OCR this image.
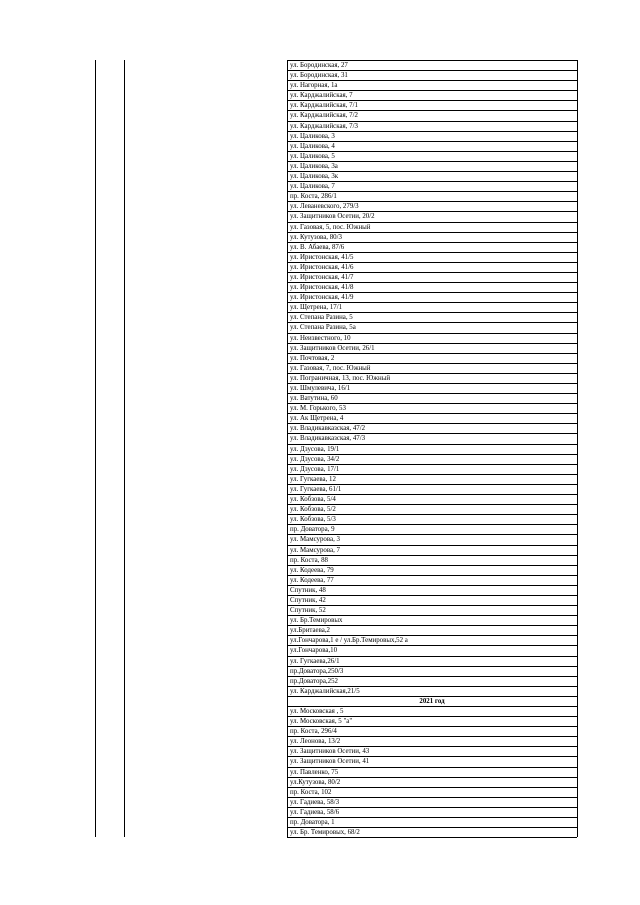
ул. Бородинская, 27
ул. Бородинская, 31
ул. Нагорная, 1а
ул. Карджалийская, 7
ул. Карджалийская, 7/1
ул. Карджалийская, 7/2
ул. Карджалийская, 7/3
ул. Цаликова, 3
ул. Цаликова, 4
ул. Цаликова, 5
ул. Цаликова, 3а
ул. Цаликова, 3к
ул. Цаликова, 7
пр. Коста, 286/1
ул. Леваневского, 279/3
ул. Защитников Осетии, 20/2
ул. Газовая, 5, пос. Южный
ул. Кутузова, 80/3
ул. В. Абаева, 87/6
ул. Иристонская, 41/5
ул. Иристонская, 41/6
ул. Иристонская, 41/7
ул. Иристонская, 41/8
ул. Иристонская, 41/9
ул. Щетрена, 17/1
ул. Степана Разина, 5
ул. Степана Разина, 5а
ул. Неизвестного, 10
ул. Защитников Осетии, 26/1
ул. Почтовая, 2
ул. Газовая, 7, пос. Южный
ул. Пограничная, 13, пос. Южный
ул. Шмулевича, 16/1
ул. Ватутина, 60
ул. М. Горького, 53
ул. Ак Щетрена, 4
ул. Владикавказская, 47/2
ул. Владикавказская, 47/3
ул. Дзусова, 19/1
ул. Дзусова, 34/2
ул. Дзусова, 17/1
ул. Гугкаева, 12
ул. Гугкаева, 61/1
ул. Кобзова, 5/4
ул. Кобзова, 5/2
ул. Кобзова, 5/3
пр. Доватора, 9
ул. Мамсурова, 3
ул. Мамсурова, 7
пр. Коста, 88
ул. Кодеева, 79
ул. Кодеева, 77
Спутник, 48
Спутник, 42
Спутник, 52
ул. Бр.Темировых
ул.Бритаева,2
ул.Гончарова,1 е / ул.Бр.Темировых,52 а
ул.Гончарова,10
ул. Гугкаева,26/1
пр.Доватора,250/3
пр.Доватора,252
ул. Карджалийская,21/5
2021 год
ул. Московская , 5
ул. Московская, 5 "а"
пр. Коста, 296/4
ул. Леонова, 13/2
ул. Защитников Осетии, 43
ул. Защитников Осетии, 41
ул. Павленко, 75
ул.Кутузова, 80/2
пр. Коста, 102
ул. Гадиева, 58/3
ул. Гадиева, 58/6
пр. Доватора, 1
ул. Бр. Темировых, 68/2
